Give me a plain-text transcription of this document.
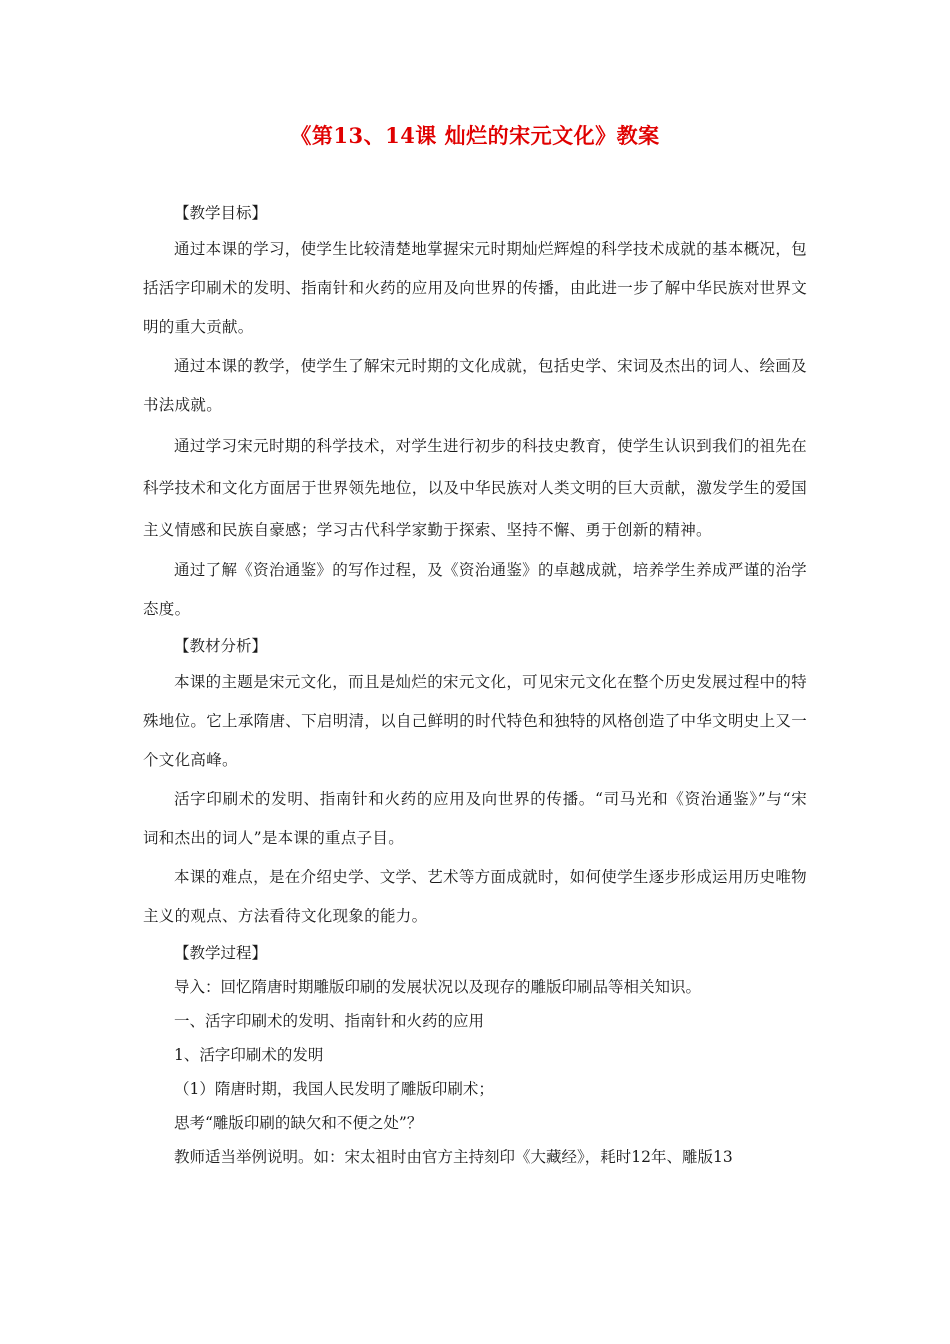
《第13、14课 灿烂的宋元文化》教案
【教学目标】

通过本课的学习，使学生比较清楚地掌握宋元时期灿烂辉煌的科学技术成就的基本概况，包括活字印刷术的发明、指南针和火药的应用及向世界的传播，由此进一步了解中华民族对世界文明的重大贡献。

通过本课的教学，使学生了解宋元时期的文化成就，包括史学、宋词及杰出的词人、绘画及书法成就。

通过学习宋元时期的科学技术，对学生进行初步的科技史教育，使学生认识到我们的祖先在科学技术和文化方面居于世界领先地位，以及中华民族对人类文明的巨大贡献，激发学生的爱国主义情感和民族自豪感；学习古代科学家勤于探索、坚持不懈、勇于创新的精神。

通过了解《资治通鉴》的写作过程，及《资治通鉴》的卓越成就，培养学生养成严谨的治学态度。

【教材分析】

本课的主题是宋元文化，而且是灿烂的宋元文化，可见宋元文化在整个历史发展过程中的特殊地位。它上承隋唐、下启明清，以自己鲜明的时代特色和独特的风格创造了中华文明史上又一个文化高峰。

活字印刷术的发明、指南针和火药的应用及向世界的传播。“司马光和《资治通鉴》”与“宋词和杰出的词人”是本课的重点子目。

本课的难点，是在介绍史学、文学、艺术等方面成就时，如何使学生逐步形成运用历史唯物主义的观点、方法看待文化现象的能力。

【教学过程】
导入：回忆隋唐时期雕版印刷的发展状况以及现存的雕版印刷品等相关知识。
一、活字印刷术的发明、指南针和火药的应用
1、活字印刷术的发明
（1）隋唐时期，我国人民发明了雕版印刷术；
思考“雕版印刷的缺欠和不便之处”？
教师适当举例说明。如：宋太祖时由官方主持刻印《大藏经》，耗时12年、雕版13
